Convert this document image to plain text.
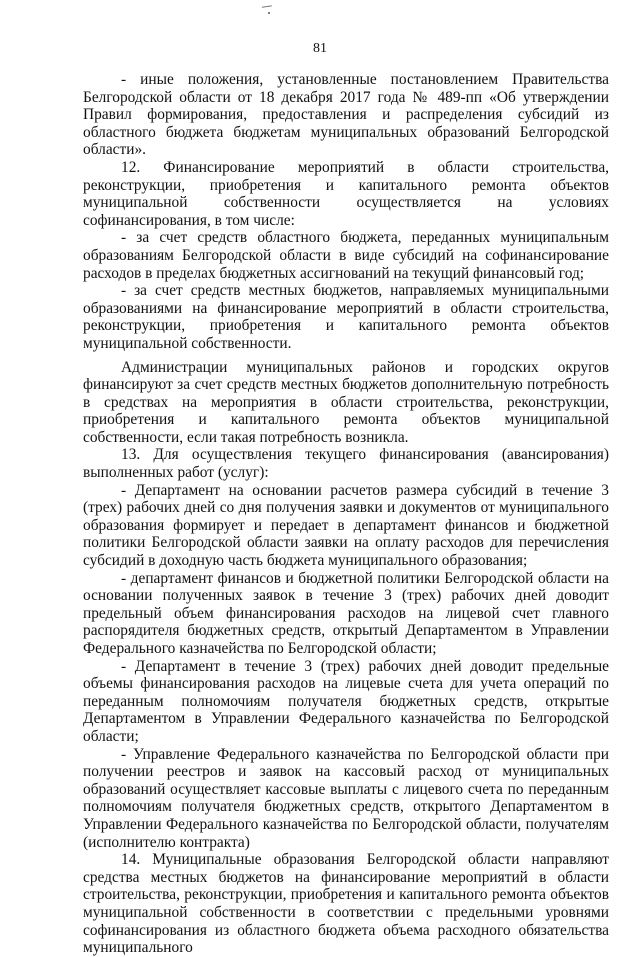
81

- иные положения, установленные постановлением Правительства Белгородской области от 18 декабря 2017 года № 489-пп «Об утверждении Правил формирования, предоставления и распределения субсидий из областного бюджета бюджетам муниципальных образований Белгородской области».

12. Финансирование мероприятий в области строительства, реконструкции, приобретения и капитального ремонта объектов муниципальной собственности осуществляется на условиях софинансирования, в том числе:

- за счет средств областного бюджета, переданных муниципальным образованиям Белгородской области в виде субсидий на софинансирование расходов в пределах бюджетных ассигнований на текущий финансовый год;

- за счет средств местных бюджетов, направляемых муниципальными образованиями на финансирование мероприятий в области строительства, реконструкции, приобретения и капитального ремонта объектов муниципальной собственности.

Администрации муниципальных районов и городских округов финансируют за счет средств местных бюджетов дополнительную потребность в средствах на мероприятия в области строительства, реконструкции, приобретения и капитального ремонта объектов муниципальной собственности, если такая потребность возникла.

13. Для осуществления текущего финансирования (авансирования) выполненных работ (услуг):

- Департамент на основании расчетов размера субсидий в течение 3 (трех) рабочих дней со дня получения заявки и документов от муниципального образования формирует и передает в департамент финансов и бюджетной политики Белгородской области заявки на оплату расходов для перечисления субсидий в доходную часть бюджета муниципального образования;

- департамент финансов и бюджетной политики Белгородской области на основании полученных заявок в течение 3 (трех) рабочих дней доводит предельный объем финансирования расходов на лицевой счет главного распорядителя бюджетных средств, открытый Департаментом в Управлении Федерального казначейства по Белгородской области;

- Департамент в течение 3 (трех) рабочих дней доводит предельные объемы финансирования расходов на лицевые счета для учета операций по переданным полномочиям получателя бюджетных средств, открытые Департаментом в Управлении Федерального казначейства по Белгородской области;

- Управление Федерального казначейства по Белгородской области при получении реестров и заявок на кассовый расход от муниципальных образований осуществляет кассовые выплаты с лицевого счета по переданным полномочиям получателя бюджетных средств, открытого Департаментом в Управлении Федерального казначейства по Белгородской области, получателям (исполнителю контракта)

14. Муниципальные образования Белгородской области направляют средства местных бюджетов на финансирование мероприятий в области строительства, реконструкции, приобретения и капитального ремонта объектов муниципальной собственности в соответствии с предельными уровнями софинансирования из областного бюджета объема расходного обязательства муниципального
